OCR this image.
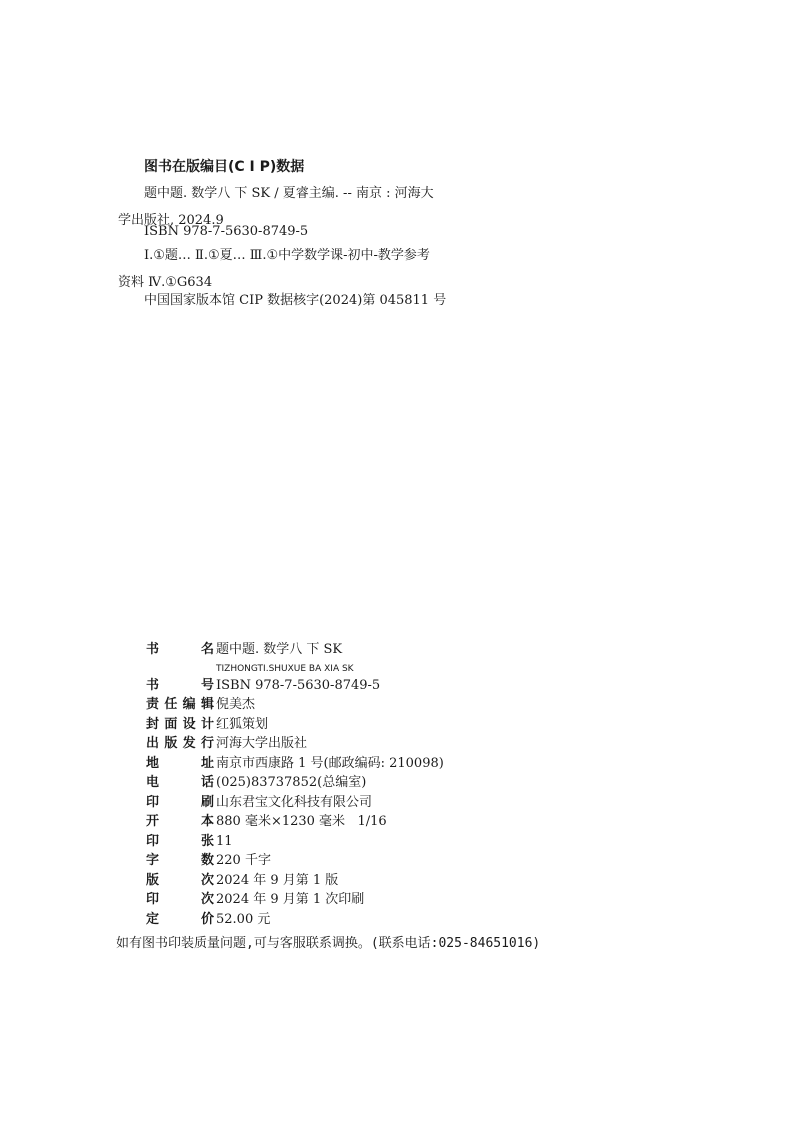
图书在版编目(C I P)数据

题中题. 数学八 下 SK / 夏睿主编. -- 南京 : 河海大学出版社, 2024.9

ISBN 978-7-5630-8749-5

Ⅰ.①题… Ⅱ.①夏… Ⅲ.①中学数学课-初中-教学参考资料 Ⅳ.①G634

中国国家版本馆 CIP 数据核字(2024)第 045811 号

书名 题中题. 数学八 下 SK
TIZHONGTI.SHUXUE BA XIA SK
书号 ISBN 978-7-5630-8749-5
责任编辑 倪美杰
封面设计 红狐策划
出版发行 河海大学出版社
地址 南京市西康路 1 号(邮政编码: 210098)
电话 (025)83737852(总编室)
印刷 山东君宝文化科技有限公司
开本 880 毫米×1230 毫米   1/16
印张 11
字数 220 千字
版次 2024 年 9 月第 1 版
印次 2024 年 9 月第 1 次印刷
定价 52.00 元

如有图书印装质量问题,可与客服联系调换。(联系电话:025-84651016)
